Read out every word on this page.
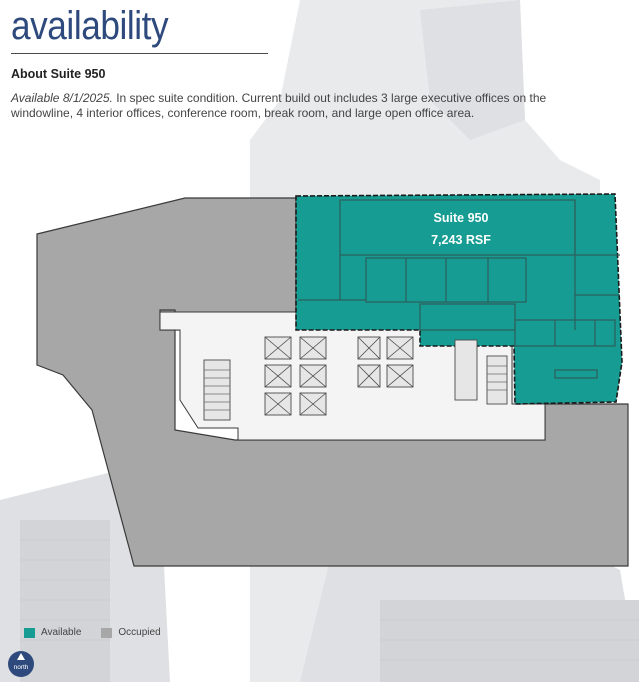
availability
About Suite 950
Available 8/1/2025. In spec suite condition. Current build out includes 3 large executive offices on the windowline, 4 interior offices, conference room, break room, and large open office area.
Suite 950
7,243 RSF
Available	Occupied
north
